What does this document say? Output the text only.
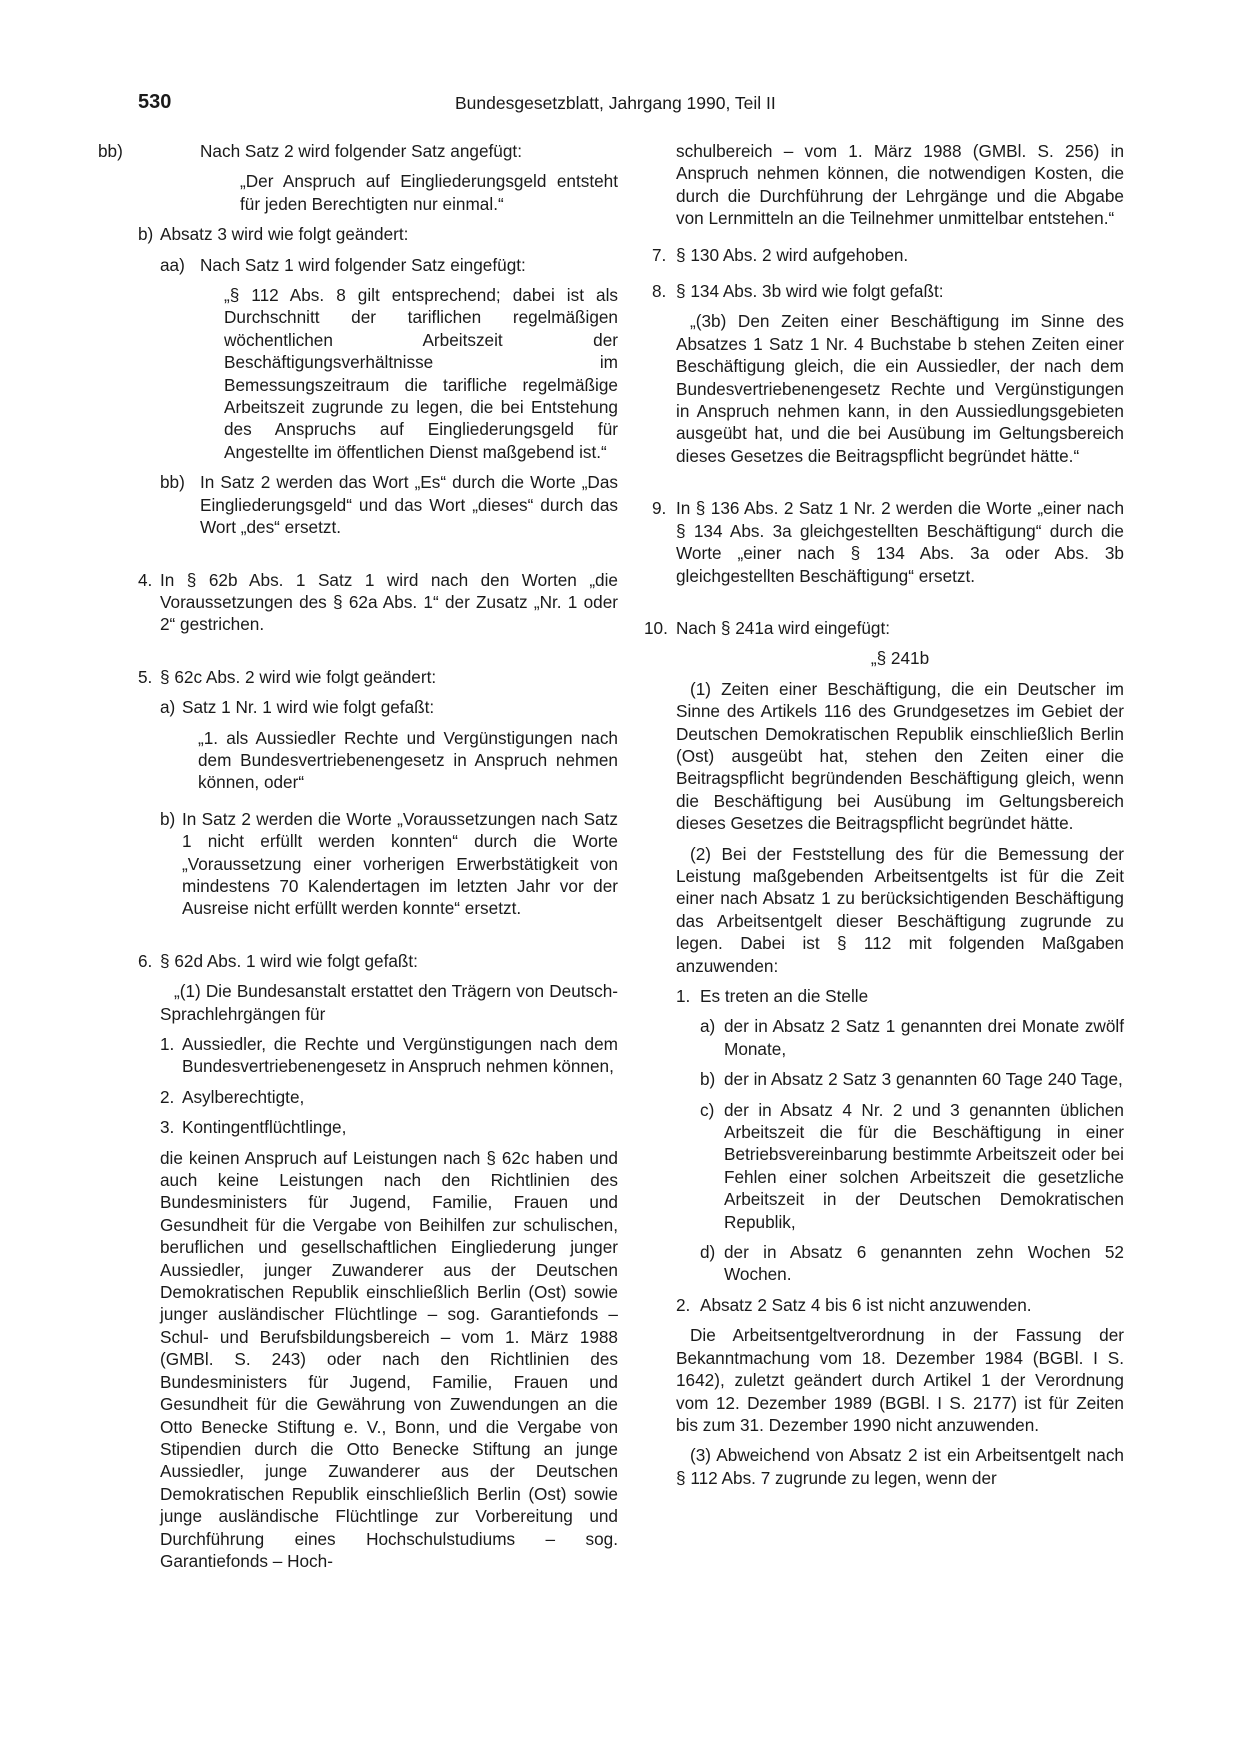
530	Bundesgesetzblatt, Jahrgang 1990, Teil II
bb)	Nach Satz 2 wird folgender Satz angefügt:
„Der Anspruch auf Eingliederungsgeld entsteht für jeden Berechtigten nur einmal.“
b) Absatz 3 wird wie folgt geändert:
aa) Nach Satz 1 wird folgender Satz eingefügt:
„§ 112 Abs. 8 gilt entsprechend; dabei ist als Durchschnitt der tariflichen regelmäßigen wöchentlichen Arbeitszeit der Beschäftigungsverhältnisse im Bemessungszeitraum die tarifliche regelmäßige Arbeitszeit zugrunde zu legen, die bei Entstehung des Anspruchs auf Eingliederungsgeld für Angestellte im öffentlichen Dienst maßgebend ist.“
bb) In Satz 2 werden das Wort „Es“ durch die Worte „Das Eingliederungsgeld“ und das Wort „dieses“ durch das Wort „des“ ersetzt.
4. In § 62b Abs. 1 Satz 1 wird nach den Worten „die Voraussetzungen des § 62a Abs. 1“ der Zusatz „Nr. 1 oder 2“ gestrichen.
5. § 62c Abs. 2 wird wie folgt geändert:
a) Satz 1 Nr. 1 wird wie folgt gefaßt:
„1. als Aussiedler Rechte und Vergünstigungen nach dem Bundesvertriebenengesetz in Anspruch nehmen können, oder“
b) In Satz 2 werden die Worte „Voraussetzungen nach Satz 1 nicht erfüllt werden konnten“ durch die Worte „Voraussetzung einer vorherigen Erwerbstätigkeit von mindestens 70 Kalendertagen im letzten Jahr vor der Ausreise nicht erfüllt werden konnte“ ersetzt.
6. § 62d Abs. 1 wird wie folgt gefaßt:
„(1) Die Bundesanstalt erstattet den Trägern von Deutsch-Sprachlehrgängen für
1. Aussiedler, die Rechte und Vergünstigungen nach dem Bundesvertriebenengesetz in Anspruch nehmen können,
2. Asylberechtigte,
3. Kontingentflüchtlinge,
die keinen Anspruch auf Leistungen nach § 62c haben und auch keine Leistungen nach den Richtlinien des Bundesministers für Jugend, Familie, Frauen und Gesundheit für die Vergabe von Beihilfen zur schulischen, beruflichen und gesellschaftlichen Eingliederung junger Aussiedler, junger Zuwanderer aus der Deutschen Demokratischen Republik einschließlich Berlin (Ost) sowie junger ausländischer Flüchtlinge – sog. Garantiefonds – Schul- und Berufsbildungsbereich – vom 1. März 1988 (GMBl. S. 243) oder nach den Richtlinien des Bundesministers für Jugend, Familie, Frauen und Gesundheit für die Gewährung von Zuwendungen an die Otto Benecke Stiftung e. V., Bonn, und die Vergabe von Stipendien durch die Otto Benecke Stiftung an junge Aussiedler, junge Zuwanderer aus der Deutschen Demokratischen Republik einschließlich Berlin (Ost) sowie junge ausländische Flüchtlinge zur Vorbereitung und Durchführung eines Hochschulstudiums – sog. Garantiefonds – Hoch-
schulbereich – vom 1. März 1988 (GMBl. S. 256) in Anspruch nehmen können, die notwendigen Kosten, die durch die Durchführung der Lehrgänge und die Abgabe von Lernmitteln an die Teilnehmer unmittelbar entstehen.“
7. § 130 Abs. 2 wird aufgehoben.
8. § 134 Abs. 3b wird wie folgt gefaßt:
„(3b) Den Zeiten einer Beschäftigung im Sinne des Absatzes 1 Satz 1 Nr. 4 Buchstabe b stehen Zeiten einer Beschäftigung gleich, die ein Aussiedler, der nach dem Bundesvertriebenengesetz Rechte und Vergünstigungen in Anspruch nehmen kann, in den Aussiedlungsgebieten ausgeübt hat, und die bei Ausübung im Geltungsbereich dieses Gesetzes die Beitragspflicht begründet hätte.“
9. In § 136 Abs. 2 Satz 1 Nr. 2 werden die Worte „einer nach § 134 Abs. 3a gleichgestellten Beschäftigung“ durch die Worte „einer nach § 134 Abs. 3a oder Abs. 3b gleichgestellten Beschäftigung“ ersetzt.
10. Nach § 241a wird eingefügt:
„§ 241b
(1) Zeiten einer Beschäftigung, die ein Deutscher im Sinne des Artikels 116 des Grundgesetzes im Gebiet der Deutschen Demokratischen Republik einschließlich Berlin (Ost) ausgeübt hat, stehen den Zeiten einer die Beitragspflicht begründenden Beschäftigung gleich, wenn die Beschäftigung bei Ausübung im Geltungsbereich dieses Gesetzes die Beitragspflicht begründet hätte.
(2) Bei der Feststellung des für die Bemessung der Leistung maßgebenden Arbeitsentgelts ist für die Zeit einer nach Absatz 1 zu berücksichtigenden Beschäftigung das Arbeitsentgelt dieser Beschäftigung zugrunde zu legen. Dabei ist § 112 mit folgenden Maßgaben anzuwenden:
1. Es treten an die Stelle
a) der in Absatz 2 Satz 1 genannten drei Monate zwölf Monate,
b) der in Absatz 2 Satz 3 genannten 60 Tage 240 Tage,
c) der in Absatz 4 Nr. 2 und 3 genannten üblichen Arbeitszeit die für die Beschäftigung in einer Betriebsvereinbarung bestimmte Arbeitszeit oder bei Fehlen einer solchen Arbeitszeit die gesetzliche Arbeitszeit in der Deutschen Demokratischen Republik,
d) der in Absatz 6 genannten zehn Wochen 52 Wochen.
2. Absatz 2 Satz 4 bis 6 ist nicht anzuwenden.
Die Arbeitsentgeltverordnung in der Fassung der Bekanntmachung vom 18. Dezember 1984 (BGBl. I S. 1642), zuletzt geändert durch Artikel 1 der Verordnung vom 12. Dezember 1989 (BGBl. I S. 2177) ist für Zeiten bis zum 31. Dezember 1990 nicht anzuwenden.
(3) Abweichend von Absatz 2 ist ein Arbeitsentgelt nach § 112 Abs. 7 zugrunde zu legen, wenn der
